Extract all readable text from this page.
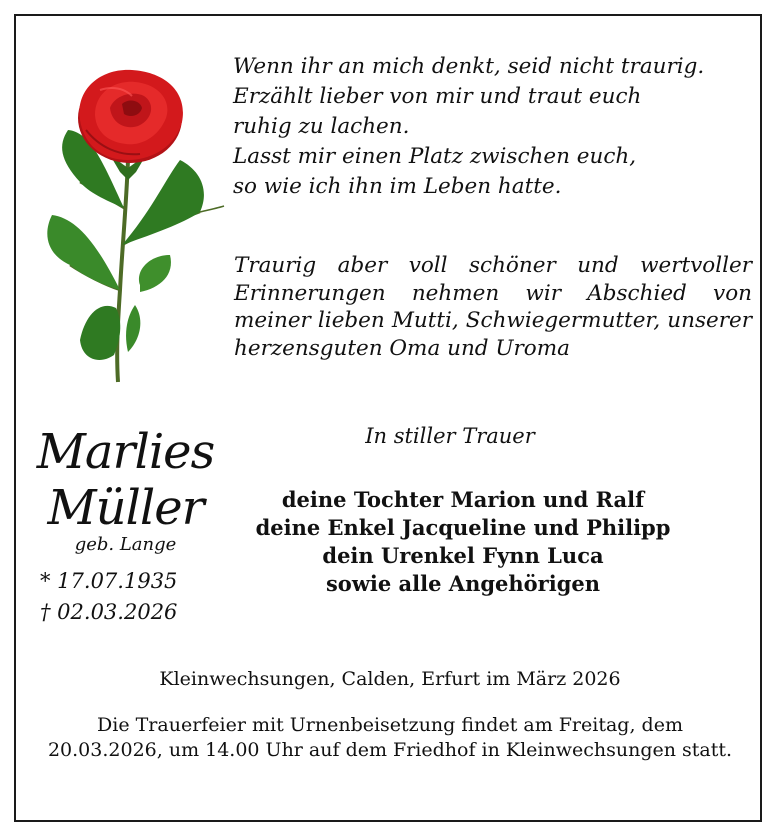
Wenn ihr an mich denkt, seid nicht traurig.
Erzählt lieber von mir und traut euch
ruhig zu lachen.
Lasst mir einen Platz zwischen euch,
so wie ich ihn im Leben hatte.
Traurig aber voll schöner und wertvoller Erinnerungen nehmen wir Abschied von meiner lieben Mutti, Schwiegermutter, unserer herzensguten Oma und Uroma
Marlies
Müller
geb. Lange
* 17.07.1935
† 02.03.2026
In stiller Trauer
deine Tochter Marion und Ralf
deine Enkel Jacqueline und Philipp
dein Urenkel Fynn Luca
sowie alle Angehörigen
Kleinwechsungen, Calden, Erfurt im März 2026
Die Trauerfeier mit Urnenbeisetzung findet am Freitag, dem 20.03.2026, um 14.00 Uhr auf dem Friedhof in Kleinwechsungen statt.
